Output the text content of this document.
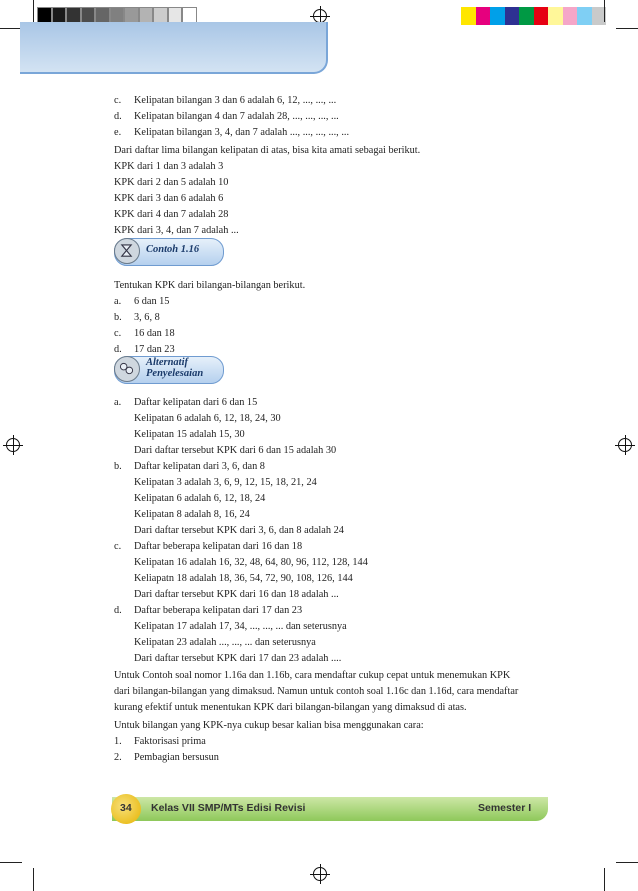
c. Kelipatan bilangan 3 dan 6 adalah 6, 12, ..., ..., ...
d. Kelipatan bilangan 4 dan 7 adalah 28, ..., ..., ..., ...
e. Kelipatan bilangan 3, 4, dan 7 adalah ..., ..., ..., ..., ...
Dari daftar lima bilangan kelipatan di atas, bisa kita amati sebagai berikut.
KPK dari 1 dan 3 adalah 3
KPK dari 2 dan 5 adalah 10
KPK dari 3 dan 6 adalah 6
KPK dari 4 dan 7 adalah 28
KPK dari 3, 4, dan 7 adalah ...
Contoh 1.16
Tentukan KPK dari bilangan-bilangan berikut.
a. 6 dan 15
b. 3, 6, 8
c. 16 dan 18
d. 17 dan 23
Alternatif
Penyelesaian
a. Daftar kelipatan dari 6 dan 15
Kelipatan 6 adalah 6, 12, 18, 24, 30
Kelipatan 15 adalah 15, 30
Dari daftar tersebut KPK dari 6 dan 15 adalah 30
b. Daftar kelipatan dari 3, 6, dan 8
Kelipatan 3 adalah 3, 6, 9, 12, 15, 18, 21, 24
Kelipatan 6 adalah 6, 12, 18, 24
Kelipatan 8 adalah 8, 16, 24
Dari daftar tersebut KPK dari 3, 6, dan 8 adalah 24
c. Daftar beberapa kelipatan dari 16 dan 18
Kelipatan 16 adalah 16, 32, 48, 64, 80, 96, 112, 128, 144
Keliapatn 18 adalah 18, 36, 54, 72, 90, 108, 126, 144
Dari daftar tersebut KPK dari 16 dan 18 adalah ...
d. Daftar beberapa kelipatan dari 17 dan 23
Kelipatan 17 adalah 17, 34, ..., ..., ... dan seterusnya
Kelipatan 23 adalah ..., ..., ... dan seterusnya
Dari daftar tersebut KPK dari 17 dan 23 adalah ....
Untuk Contoh soal nomor 1.16a dan 1.16b, cara mendaftar cukup cepat untuk menemukan KPK
dari bilangan-bilangan yang dimaksud. Namun untuk contoh soal 1.16c dan 1.16d, cara mendaftar
kurang efektif untuk menentukan KPK dari bilangan-bilangan yang dimaksud di atas.
Untuk bilangan yang KPK-nya cukup besar kalian bisa menggunakan cara:
1. Faktorisasi prima
2. Pembagian bersusun
34 Kelas VII SMP/MTs Edisi Revisi	Semester I
